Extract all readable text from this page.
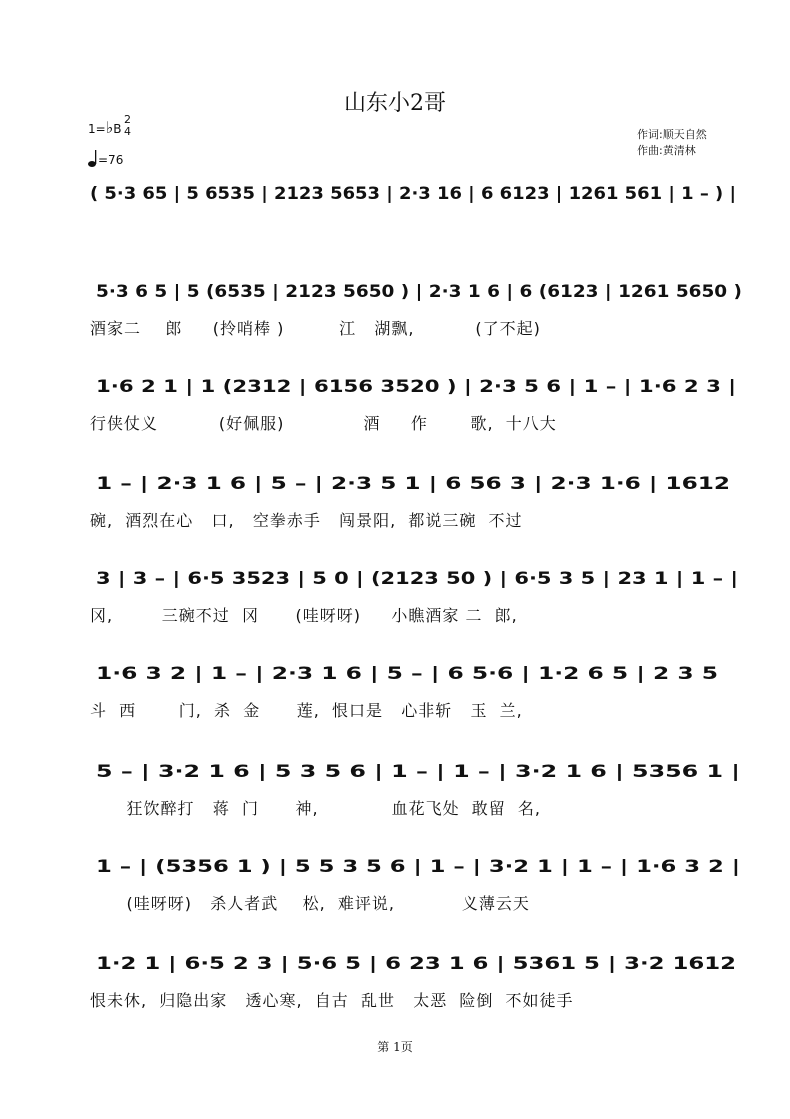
山东小2哥
1=♭B
2
4
=76
作词:顺天自然
作曲:黄清林
( 5·3 65 | 5 6535 | 2123 5653 | 2·3 16 | 6 6123 | 1261 561 | 1 – ) |
5·3 6 5 | 5 (6535 | 2123 5650 ) | 2·3 1 6 | 6 (6123 | 1261 5650 )
酒家二    郎     (拎哨棒 )         江   湖飘,          (了不起)
1·6 2 1 | 1 (2312 | 6156 3520 ) | 2·3 5 6 | 1 – | 1·6 2 3 |
行侠仗义          (好佩服)             酒     作       歌,  十八大
1 – | 2·3 1 6 | 5 – | 2·3 5 1 | 6 56 3 | 2·3 1·6 | 1612
碗,  酒烈在心   口,   空拳赤手   闯景阳,  都说三碗  不过
3 | 3 – | 6·5 3523 | 5 0 | (2123 50 ) | 6·5 3 5 | 23 1 | 1 – |
冈,        三碗不过  冈      (哇呀呀)     小瞧酒家 二  郎,
1·6 3 2 | 1 – | 2·3 1 6 | 5 – | 6 5·6 | 1·2 6 5 | 2 3 5
斗  西       门,  杀  金      莲,  恨口是   心非斩   玉  兰,
5 – | 3·2 1 6 | 5 3 5 6 | 1 – | 1 – | 3·2 1 6 | 5356 1 |
狂饮醉打   蒋  门      神,            血花飞处  敢留  名,
1 – | (5356 1 ) | 5 5 3 5 6 | 1 – | 3·2 1 | 1 – | 1·6 3 2 |
(哇呀呀)   杀人者武    松,  难评说,           义薄云天
1·2 1 | 6·5 2 3 | 5·6 5 | 6 23 1 6 | 5361 5 | 3·2 1612
恨未休,  归隐出家   透心寒,  自古  乱世   太恶  险倒  不如徒手
第 1页
